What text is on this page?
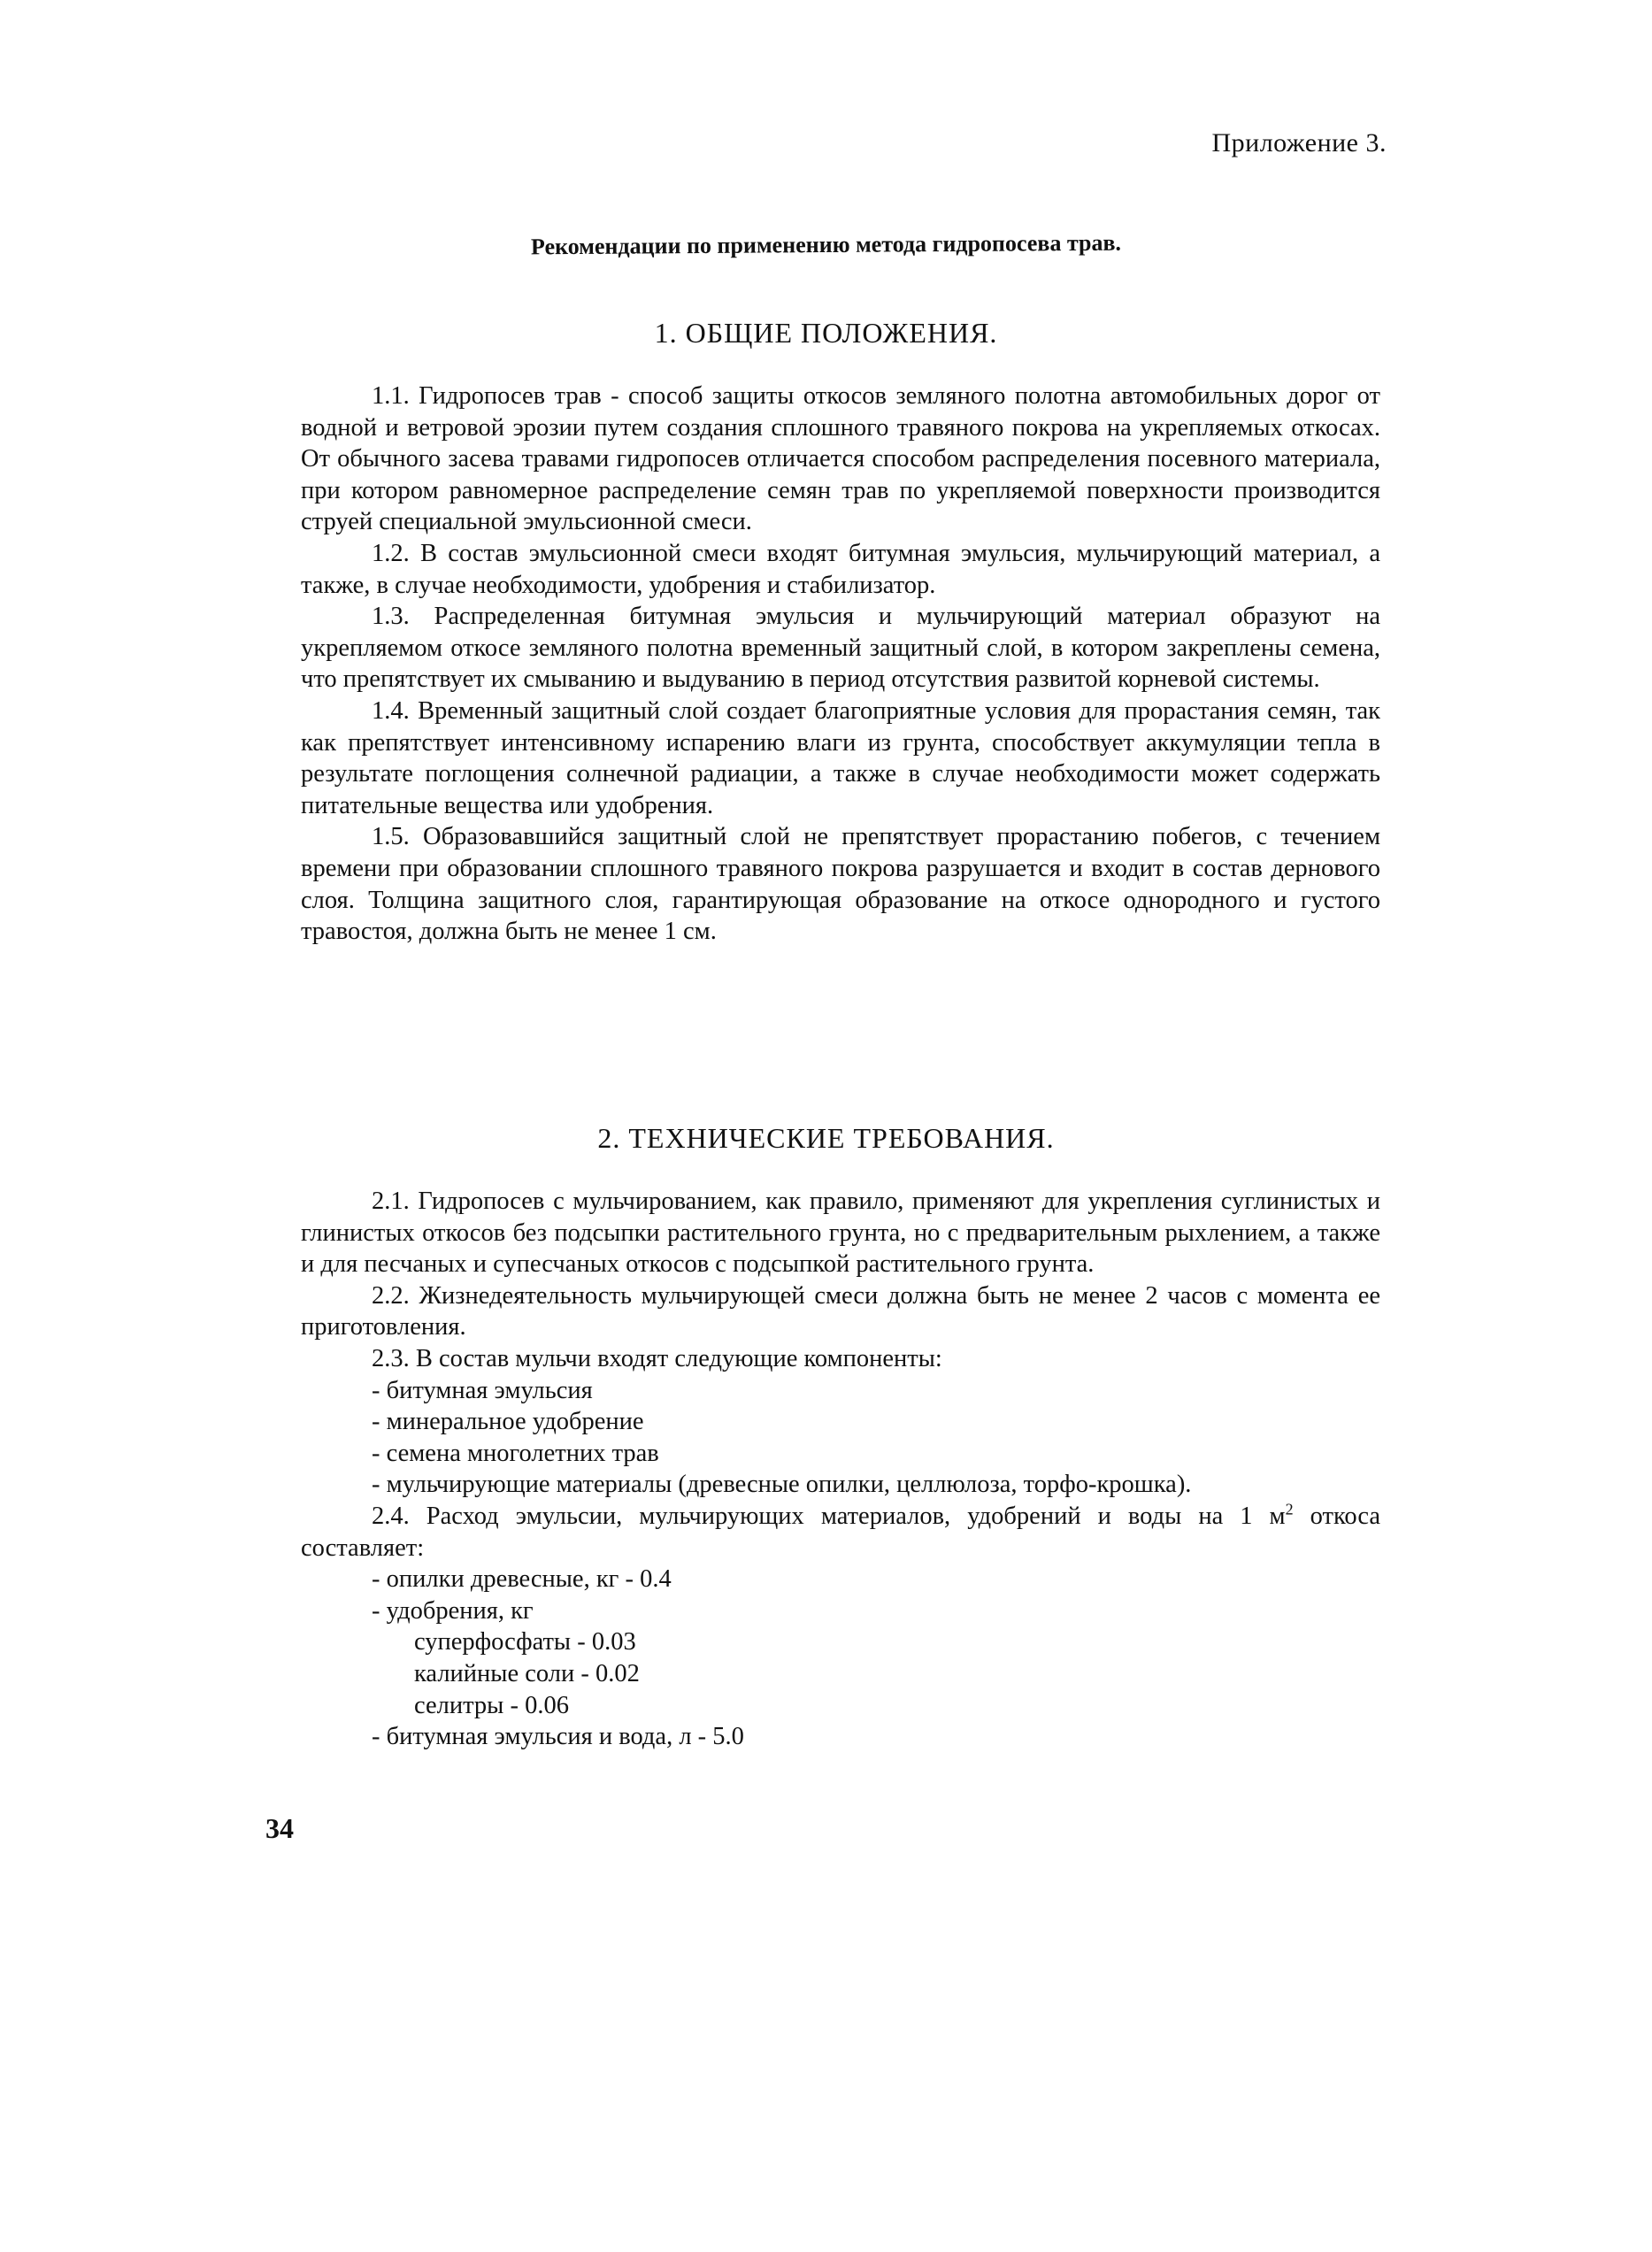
Приложение 3.
Рекомендации по применению метода гидропосева трав.
1. ОБЩИЕ ПОЛОЖЕНИЯ.

1.1. Гидропосев трав - способ защиты откосов земляного полотна автомобильных дорог от водной и ветровой эрозии путем создания сплошного травяного покрова на укрепляемых откосах. От обычного засева травами гидропосев отличается способом распределения посевного материала, при котором равномерное распределение семян трав по укрепляемой поверхности производится струей специальной эмульсионной смеси.

1.2. В состав эмульсионной смеси входят битумная эмульсия, мульчирующий материал, а также, в случае необходимости, удобрения и стабилизатор.

1.3. Распределенная битумная эмульсия и мульчирующий материал образуют на укрепляемом откосе земляного полотна временный защитный слой, в котором закреплены семена, что препятствует их смыванию и выдуванию в период отсутствия развитой корневой системы.

1.4. Временный защитный слой создает благоприятные условия для прорастания семян, так как препятствует интенсивному испарению влаги из грунта, способствует аккумуляции тепла в результате поглощения солнечной радиации, а также в случае необходимости может содержать питательные вещества или удобрения.

1.5. Образовавшийся защитный слой не препятствует прорастанию побегов, с течением времени при образовании сплошного травяного покрова разрушается и входит в состав дернового слоя. Толщина защитного слоя, гарантирующая образование на откосе однородного и густого травостоя, должна быть не менее 1 см.

2. ТЕХНИЧЕСКИЕ ТРЕБОВАНИЯ.

2.1. Гидропосев с мульчированием, как правило, применяют для укрепления суглинистых и глинистых откосов без подсыпки растительного грунта, но с предварительным рыхлением, а также и для песчаных и супесчаных откосов с подсыпкой растительного грунта.

2.2. Жизнедеятельность мульчирующей смеси должна быть не менее 2 часов с момента ее приготовления.

2.3. В состав мульчи входят следующие компоненты:

- битумная эмульсия

- минеральное удобрение

- семена многолетних трав

- мульчирующие материалы (древесные опилки, целлюлоза, торфо-крошка).

2.4. Расход эмульсии, мульчирующих материалов, удобрений и воды на 1 $м^2$ откоса составляет:

- опилки древесные, кг - 0.4

- удобрения, кг

суперфосфаты - 0.03

калийные соли - 0.02

селитры - 0.06

- битумная эмульсия и вода, л - 5.0

34
